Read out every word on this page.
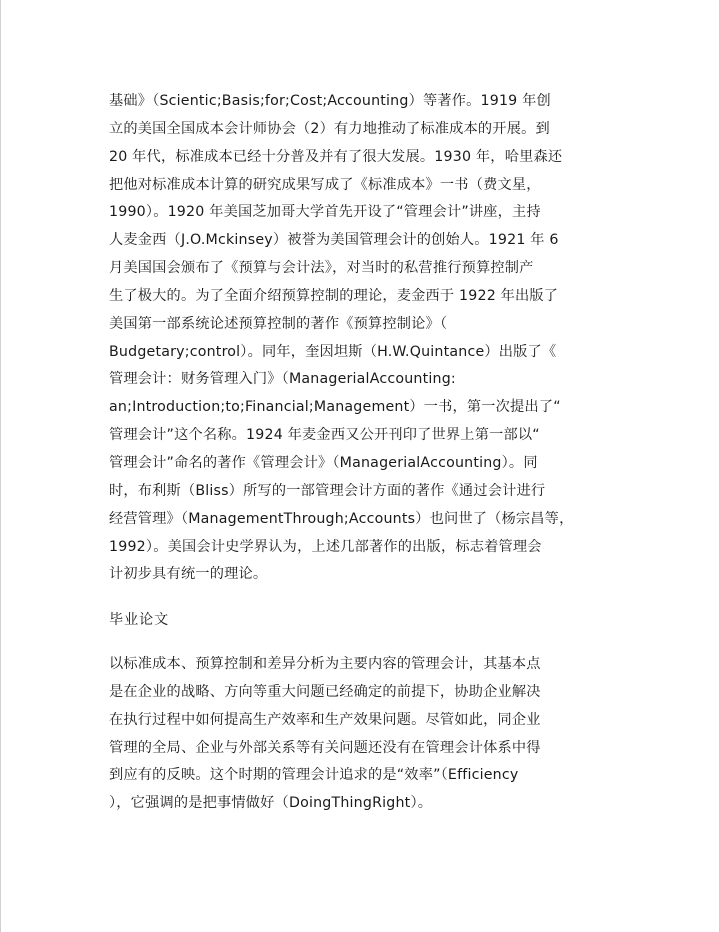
基础》（Scientic;Basis;for;Cost;Accounting）等著作。1919 年创
立的美国全国成本会计师协会（2）有力地推动了标准成本的开展。到
20 年代，标准成本已经十分普及并有了很大发展。1930 年，哈里森还
把他对标准成本计算的研究成果写成了《标准成本》一书（费文星，
1990）。1920 年美国芝加哥大学首先开设了“管理会计”讲座，主持
人麦金西（J.O.Mckinsey）被誉为美国管理会计的创始人。1921 年 6
月美国国会颁布了《预算与会计法》，对当时的私营推行预算控制产
生了极大的。为了全面介绍预算控制的理论，麦金西于 1922 年出版了
美国第一部系统论述预算控制的著作《预算控制论》（
Budgetary;control）。同年，奎因坦斯（H.W.Quintance）出版了《
管理会计：财务管理入门》（ManagerialAccounting:
an;Introduction;to;Financial;Management）一书，第一次提出了“
管理会计”这个名称。1924 年麦金西又公开刊印了世界上第一部以“
管理会计”命名的著作《管理会计》（ManagerialAccounting）。同
时，布利斯（Bliss）所写的一部管理会计方面的著作《通过会计进行
经营管理》（ManagementThrough;Accounts）也问世了（杨宗昌等，
1992）。美国会计史学界认为，上述几部著作的出版，标志着管理会
计初步具有统一的理论。

毕业论文

以标准成本、预算控制和差异分析为主要内容的管理会计，其基本点
是在企业的战略、方向等重大问题已经确定的前提下，协助企业解决
在执行过程中如何提高生产效率和生产效果问题。尽管如此，同企业
管理的全局、企业与外部关系等有关问题还没有在管理会计体系中得
到应有的反映。这个时期的管理会计追求的是“效率”（Efficiency
），它强调的是把事情做好（DoingThingRight）。
